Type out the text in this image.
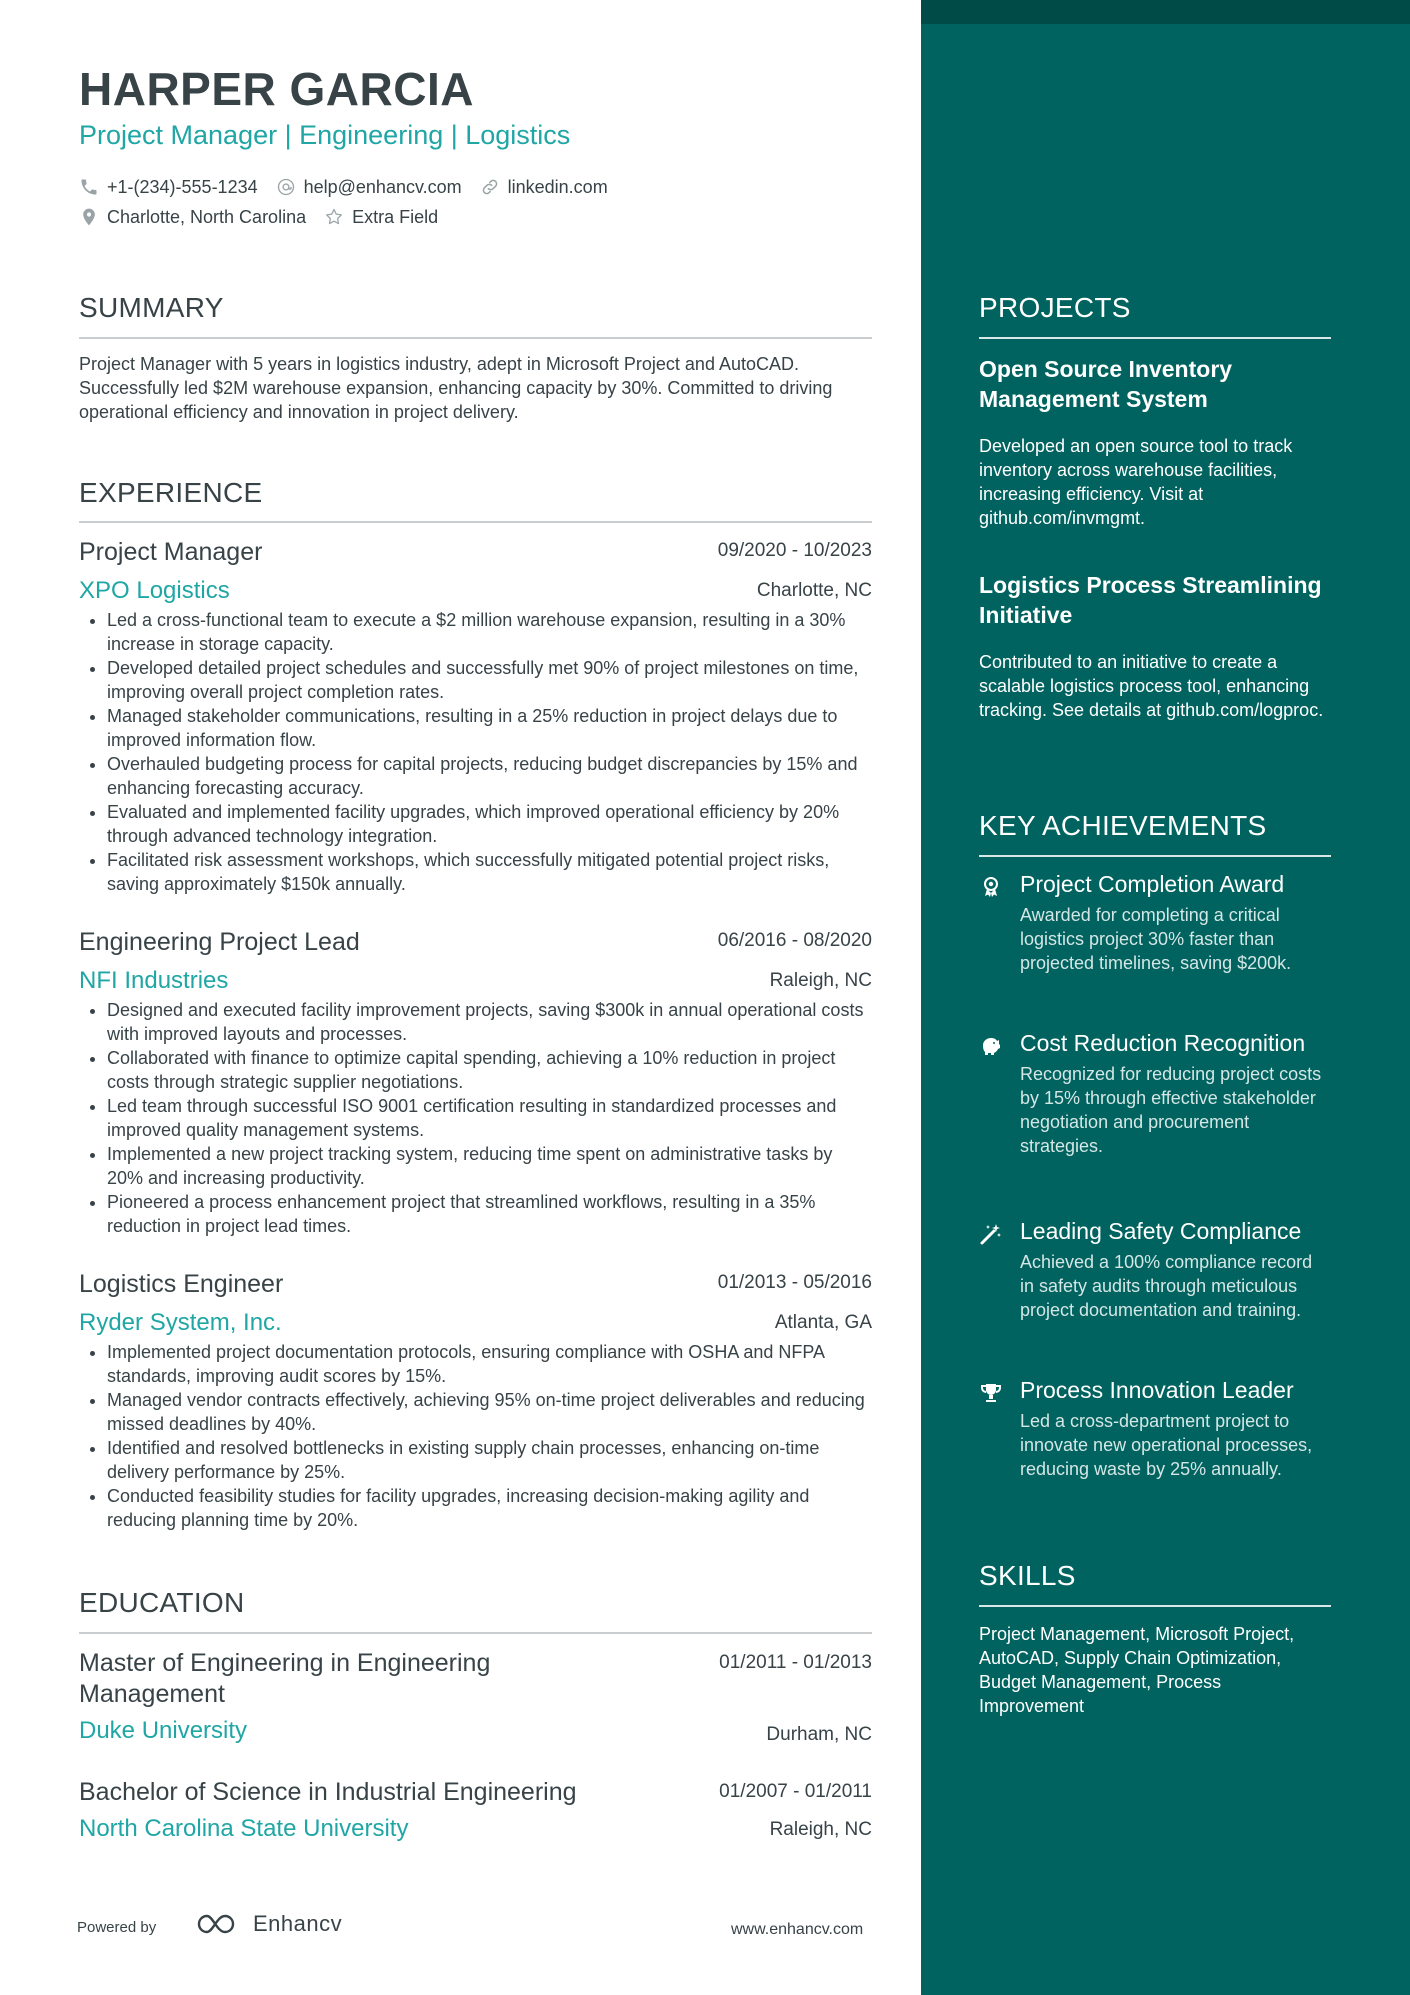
HARPER GARCIA
Project Manager | Engineering | Logistics
+1-(234)-555-1234	help@enhancv.com	linkedin.com
Charlotte, North Carolina	Extra Field
SUMMARY
Project Manager with 5 years in logistics industry, adept in Microsoft Project and AutoCAD. Successfully led $2M warehouse expansion, enhancing capacity by 30%. Committed to driving operational efficiency and innovation in project delivery.
EXPERIENCE
Project Manager	09/2020 - 10/2023
XPO Logistics	Charlotte, NC
• Led a cross-functional team to execute a $2 million warehouse expansion, resulting in a 30% increase in storage capacity.
• Developed detailed project schedules and successfully met 90% of project milestones on time, improving overall project completion rates.
• Managed stakeholder communications, resulting in a 25% reduction in project delays due to improved information flow.
• Overhauled budgeting process for capital projects, reducing budget discrepancies by 15% and enhancing forecasting accuracy.
• Evaluated and implemented facility upgrades, which improved operational efficiency by 20% through advanced technology integration.
• Facilitated risk assessment workshops, which successfully mitigated potential project risks, saving approximately $150k annually.
Engineering Project Lead	06/2016 - 08/2020
NFI Industries	Raleigh, NC
• Designed and executed facility improvement projects, saving $300k in annual operational costs with improved layouts and processes.
• Collaborated with finance to optimize capital spending, achieving a 10% reduction in project costs through strategic supplier negotiations.
• Led team through successful ISO 9001 certification resulting in standardized processes and improved quality management systems.
• Implemented a new project tracking system, reducing time spent on administrative tasks by 20% and increasing productivity.
• Pioneered a process enhancement project that streamlined workflows, resulting in a 35% reduction in project lead times.
Logistics Engineer	01/2013 - 05/2016
Ryder System, Inc.	Atlanta, GA
• Implemented project documentation protocols, ensuring compliance with OSHA and NFPA standards, improving audit scores by 15%.
• Managed vendor contracts effectively, achieving 95% on-time project deliverables and reducing missed deadlines by 40%.
• Identified and resolved bottlenecks in existing supply chain processes, enhancing on-time delivery performance by 25%.
• Conducted feasibility studies for facility upgrades, increasing decision-making agility and reducing planning time by 20%.
EDUCATION
Master of Engineering in Engineering Management
01/2011 - 01/2013
Duke University	Durham, NC
Bachelor of Science in Industrial Engineering	01/2007 - 01/2011
North Carolina State University	Raleigh, NC
Powered by	Enhancv	www.enhancv.com
PROJECTS
Open Source Inventory Management System
Developed an open source tool to track inventory across warehouse facilities, increasing efficiency. Visit at github.com/invmgmt.
Logistics Process Streamlining Initiative
Contributed to an initiative to create a scalable logistics process tool, enhancing tracking. See details at github.com/logproc.
KEY ACHIEVEMENTS
Project Completion Award
Awarded for completing a critical logistics project 30% faster than projected timelines, saving $200k.
Cost Reduction Recognition
Recognized for reducing project costs by 15% through effective stakeholder negotiation and procurement strategies.
Leading Safety Compliance
Achieved a 100% compliance record in safety audits through meticulous project documentation and training.
Process Innovation Leader
Led a cross-department project to innovate new operational processes, reducing waste by 25% annually.
SKILLS
Project Management, Microsoft Project, AutoCAD, Supply Chain Optimization, Budget Management, Process Improvement
